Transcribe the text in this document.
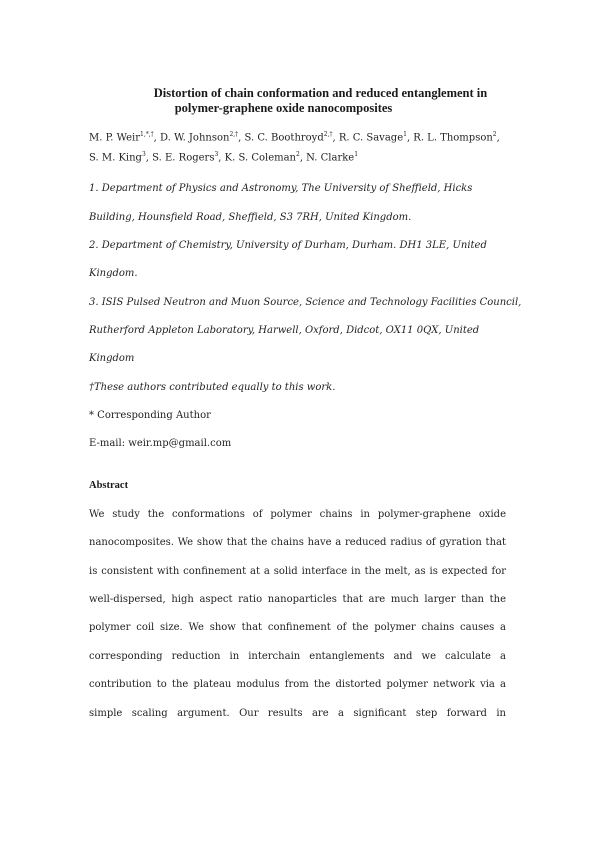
Distortion of chain conformation and reduced entanglement in
polymer-graphene oxide nanocomposites
M. P. Weir$^{1,*,\dagger}$, D. W. Johnson$^{2,\dagger}$, S. C. Boothroyd$^{2,\dagger}$, R. C. Savage$^1$, R. L. Thompson$^2$,
S. M. King$^3$, S. E. Rogers$^3$, K. S. Coleman$^2$, N. Clarke$^1$
1. Department of Physics and Astronomy, The University of Sheffield, Hicks
Building, Hounsfield Road, Sheffield, S3 7RH, United Kingdom.
2. Department of Chemistry, University of Durham, Durham. DH1 3LE, United
Kingdom.
3. ISIS Pulsed Neutron and Muon Source, Science and Technology Facilities Council,
Rutherford Appleton Laboratory, Harwell, Oxford, Didcot, OX11 0QX, United
Kingdom
†These authors contributed equally to this work.
* Corresponding Author
E-mail: weir.mp@gmail.com
Abstract
We study the conformations of polymer chains in polymer-graphene oxide
nanocomposites. We show that the chains have a reduced radius of gyration that
is consistent with confinement at a solid interface in the melt, as is expected for
well-dispersed, high aspect ratio nanoparticles that are much larger than the
polymer coil size. We show that confinement of the polymer chains causes a
corresponding reduction in interchain entanglements and we calculate a
contribution to the plateau modulus from the distorted polymer network via a
simple scaling argument. Our results are a significant step forward in
